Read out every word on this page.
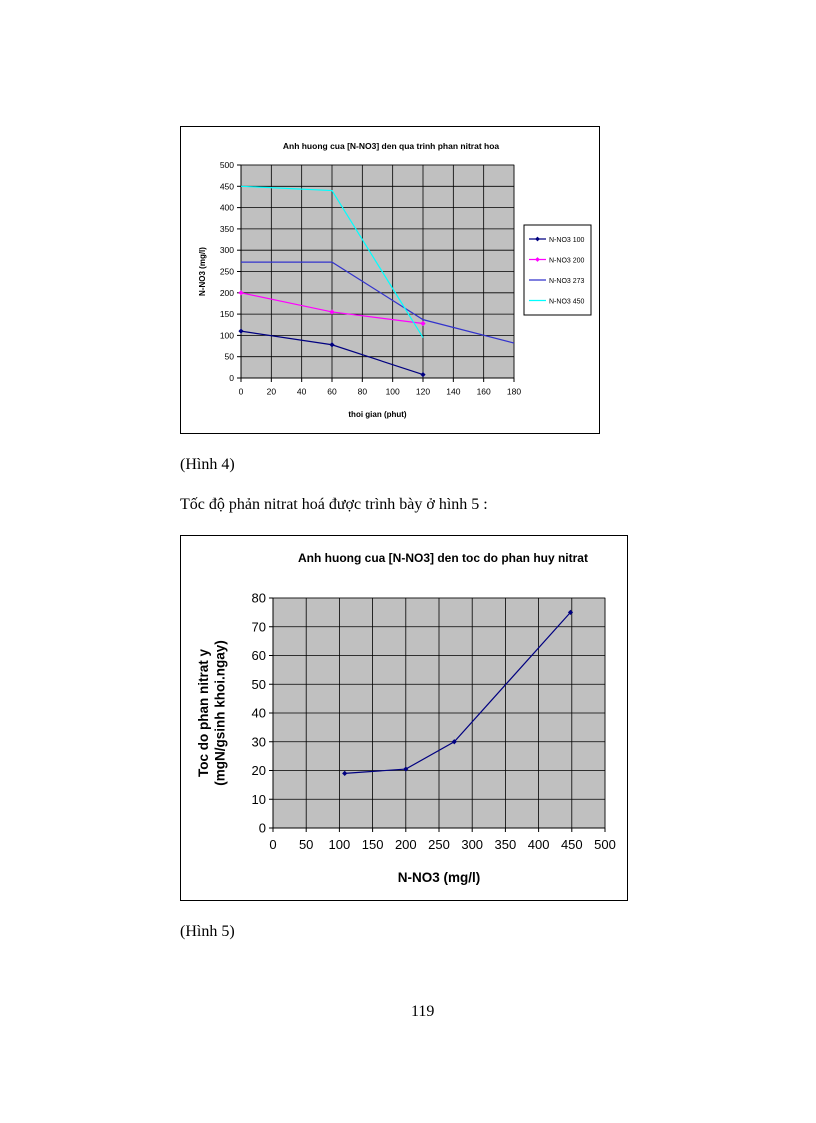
Anh huong cua [N-NO3] den qua trinh phan nitrat hoa
0
50
100
150
200
250
300
350
400
450
500
0	20 40 60 80 100 120 140 160 180
thoi gian (phut)
N-NO3 (mg/l)
N-NO3 100
N-NO3 200
N-NO3 273
N-NO3 450
(Hình 4)
Tốc độ phản nitrat hoá được trình bày ở hình 5 :
Anh huong cua [N-NO3] den toc do phan huy nitrat
0
10
20
30
40
50
60
70
80
0 50 100 150 200 250 300 350 400 450 500
N-NO3 (mg/l)
Toc do phan nitrat y (mgN/gsinh khoi.ngay)
(Hình 5)
119
